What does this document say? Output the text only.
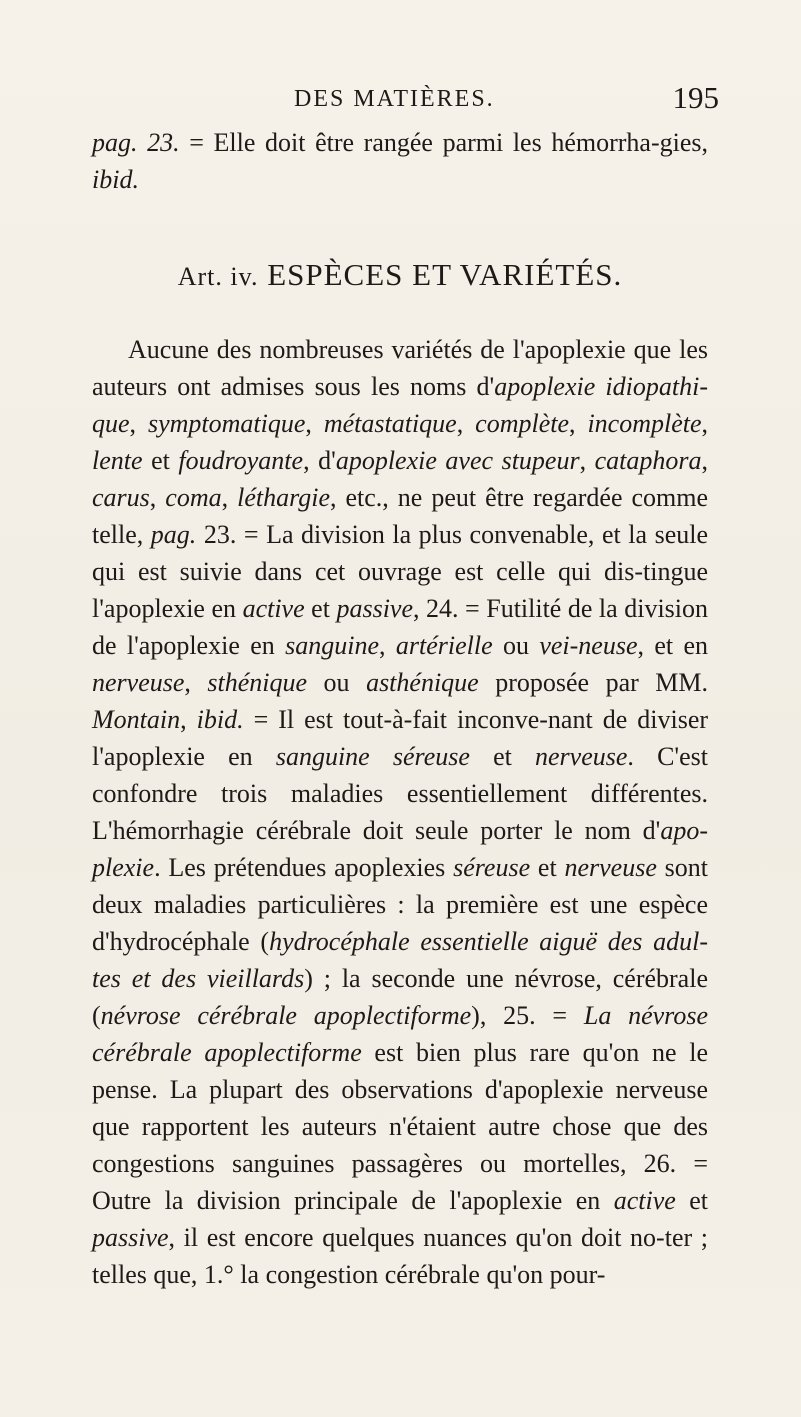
DES MATIÈRES.	195

pag. 23. = Elle doit être rangée parmi les hémorrha-gies, ibid.

Art. iv. ESPÈCES ET VARIÉTÉS.

Aucune des nombreuses variétés de l'apoplexie que les auteurs ont admises sous les noms d'apoplexie idiopathi-que, symptomatique, métastatique, complète, incomplète, lente et foudroyante, d'apoplexie avec stupeur, cataphora, carus, coma, léthargie, etc., ne peut être regardée comme telle, pag. 23. = La division la plus convenable, et la seule qui est suivie dans cet ouvrage est celle qui dis-tingue l'apoplexie en active et passive, 24. = Futilité de la division de l'apoplexie en sanguine, artérielle ou vei-neuse, et en nerveuse, sthénique ou asthénique proposée par MM. Montain, ibid. = Il est tout-à-fait inconve-nant de diviser l'apoplexie en sanguine séreuse et nerveuse. C'est confondre trois maladies essentiellement différentes. L'hémorrhagie cérébrale doit seule porter le nom d'apo-plexie. Les prétendues apoplexies séreuse et nerveuse sont deux maladies particulières : la première est une espèce d'hydrocéphale (hydrocéphale essentielle aiguë des adul-tes et des vieillards) ; la seconde une névrose, cérébrale (névrose cérébrale apoplectiforme), 25. = La névrose cérébrale apoplectiforme est bien plus rare qu'on ne le pense. La plupart des observations d'apoplexie nerveuse que rapportent les auteurs n'étaient autre chose que des congestions sanguines passagères ou mortelles, 26. = Outre la division principale de l'apoplexie en active et passive, il est encore quelques nuances qu'on doit no-ter ; telles que, 1.° la congestion cérébrale qu'on pour-
